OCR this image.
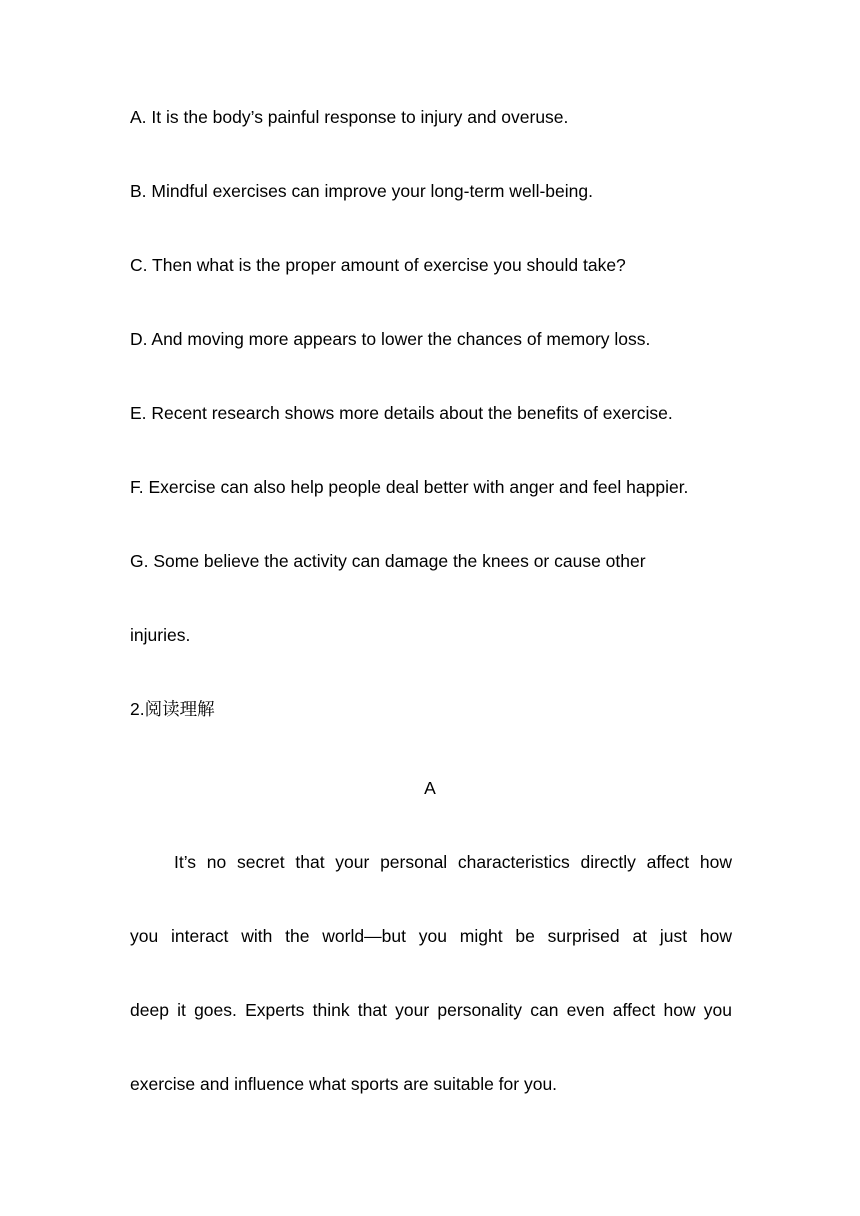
A. It is the body’s painful response to injury and overuse.
B. Mindful exercises can improve your long-term well-being.
C. Then what is the proper amount of exercise you should take?
D. And moving more appears to lower the chances of memory loss.
E. Recent research shows more details about the benefits of exercise.
F. Exercise can also help people deal better with anger and feel happier.
G. Some believe the activity can damage the knees or cause other
injuries.
2.阅读理解
A
It’s no secret that your personal characteristics directly affect how
you interact with the world—but you might be surprised at just how
deep it goes. Experts think that your personality can even affect how you
exercise and influence what sports are suitable for you.
